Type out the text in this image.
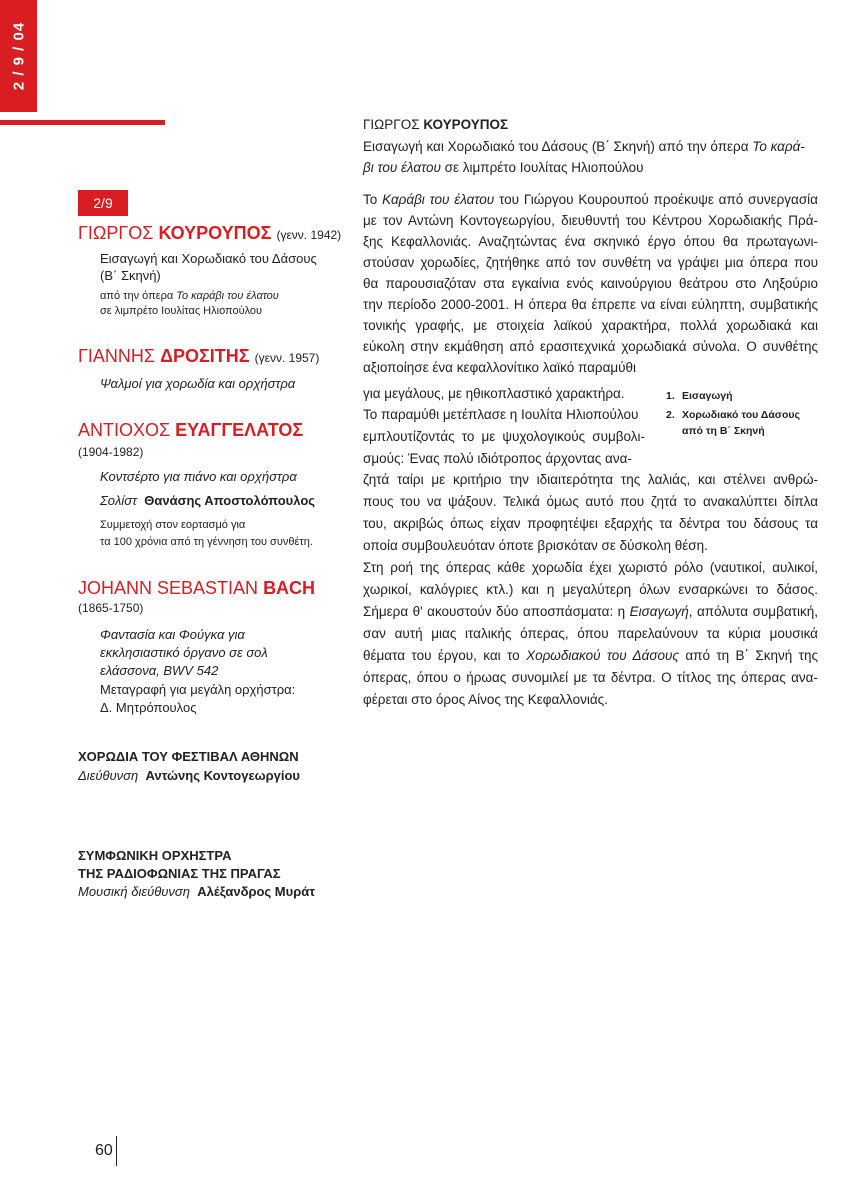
2 / 9 / 04
2/9
ΓΙΩΡΓΟΣ ΚΟΥΡΟΥΠΟΣ (γενν. 1942)
Εισαγωγή και Χορωδιακό του Δάσους
(Β΄ Σκηνή)
από την όπερα Το καράβι του έλατου
σε λιμπρέτο Ιουλίτας Ηλιοπούλου
ΓΙΑΝΝΗΣ ΔΡΟΣΙΤΗΣ (γενν. 1957)
Ψαλμοί για χορωδία και ορχήστρα
ΑΝΤΙΟΧΟΣ ΕΥΑΓΓΕΛΑΤΟΣ
(1904-1982)
Κοντσέρτο για πιάνο και ορχήστρα
Σολίστ Θανάσης Αποστολόπουλος
Συμμετοχή στον εορτασμό για
τα 100 χρόνια από τη γέννηση του συνθέτη.
JOHANN SEBASTIAN BACH
(1865-1750)
Φαντασία και Φούγκα για
εκκλησιαστικό όργανο σε σολ
ελάσσονα, BWV 542
Μεταγραφή για μεγάλη ορχήστρα:
Δ. Μητρόπουλος
ΧΟΡΩΔΙΑ ΤΟΥ ΦΕΣΤΙΒΑΛ ΑΘΗΝΩΝ
Διεύθυνση Αντώνης Κοντογεωργίου
ΣΥΜΦΩΝΙΚΗ ΟΡΧΗΣΤΡΑ
ΤΗΣ ΡΑΔΙΟΦΩΝΙΑΣ ΤΗΣ ΠΡΑΓΑΣ
Μουσική διεύθυνση Αλέξανδρος Μυράτ
ΓΙΩΡΓΟΣ ΚΟΥΡΟΥΠΟΣ
Εισαγωγή και Χορωδιακό του Δάσους (Β΄ Σκηνή) από την όπερα Το καρά-
βι του έλατου σε λιμπρέτο Ιουλίτας Ηλιοπούλου
Το Καράβι του έλατου του Γιώργου Κουρουπού προέκυψε από συνεργασία
με τον Αντώνη Κοντογεωργίου, διευθυντή του Κέντρου Χορωδιακής Πρά-
ξης Κεφαλλονιάς. Αναζητώντας ένα σκηνικό έργο όπου θα πρωταγωνι-
στούσαν χορωδίες, ζητήθηκε από τον συνθέτη να γράψει μια όπερα που
θα παρουσιαζόταν στα εγκαίνια ενός καινούργιου θεάτρου στο Ληξούριο
την περίοδο 2000-2001. Η όπερα θα έπρεπε να είναι εύληπτη, συμβατικής
τονικής γραφής, με στοιχεία λαϊκού χαρακτήρα, πολλά χορωδιακά και
εύκολη στην εκμάθηση από ερασιτεχνικά χορωδιακά σύνολα. Ο συνθέτης
αξιοποίησε ένα κεφαλλονίτικο λαϊκό παραμύθι
για μεγάλους, με ηθικοπλαστικό χαρακτήρα.
Το παραμύθι μετέπλασε η Ιουλίτα Ηλιοπούλου
εμπλουτίζοντάς το με ψυχολογικούς συμβολι-
σμούς: Ένας πολύ ιδιότροπος άρχοντας ανα-
ζητά ταίρι με κριτήριο την ιδιαιτερότητα της λαλιάς, και στέλνει ανθρώ-
πους του να ψάξουν. Τελικά όμως αυτό που ζητά το ανακαλύπτει δίπλα
του, ακριβώς όπως είχαν προφητέψει εξαρχής τα δέντρα του δάσους τα
οποία συμβουλευόταν όποτε βρισκόταν σε δύσκολη θέση.
Στη ροή της όπερας κάθε χορωδία έχει χωριστό ρόλο (ναυτικοί, αυλικοί,
χωρικοί, καλόγριες κτλ.) και η μεγαλύτερη όλων ενσαρκώνει το δάσος.
Σήμερα θ' ακουστούν δύο αποσπάσματα: η Εισαγωγή, απόλυτα συμβατική,
σαν αυτή μιας ιταλικής όπερας, όπου παρελαύνουν τα κύρια μουσικά
θέματα του έργου, και το Χορωδιακού του Δάσους από τη Β΄ Σκηνή της
όπερας, όπου ο ήρωας συνομιλεί με τα δέντρα. Ο τίτλος της όπερας ανα-
φέρεται στο όρος Αίνος της Κεφαλλονιάς.
1. Εισαγωγή
2. Χορωδιακό του Δάσους
από τη Β΄ Σκηνή
60
